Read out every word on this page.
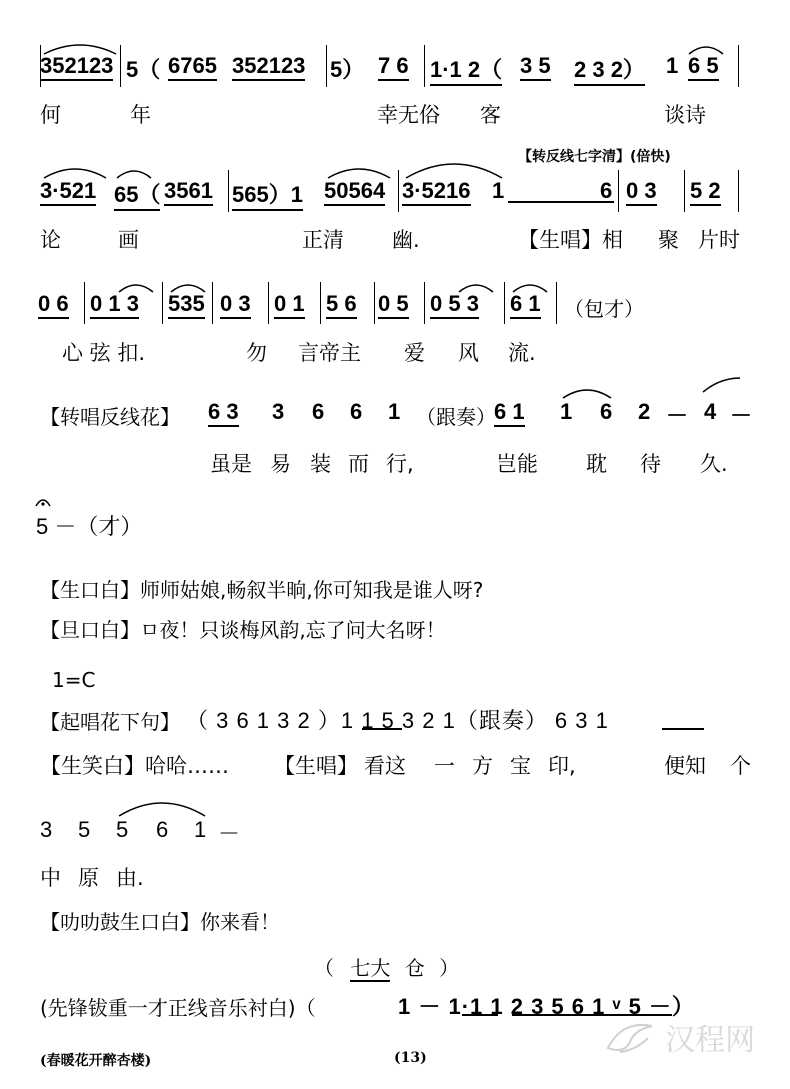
352123 5（ 6765 352123 5） 7 6 1·1 2（ 3 5 2 3 2） 1 6 5
何	年	幸无俗 客	谈诗
【转反线七字清】(倍快)
3·521 65（ 3561 565）1 50564 3·5216 1	6 0 3 5 2
论	画	正清 幽.	【生唱】相 聚 片时
0 6 0 1 3 535 0 3 0 1 5 6 0 5 0 5 3 6 1 （包才）
心 弦 扣.	勿 言帝主 爱 风 流.
【转唱反线花】 6 3 3 6 6 1 （跟奏）
6 1 1 6 2 － 4 －
虽是 易 装 而 行,	岂能 耽 待 久.
5 －（才）
【生口白】师师姑娘,畅叙半晌,你可知我是谁人呀?
【旦口白】ㅁ夜！只谈梅风韵,忘了问大名呀！
1=C
【起唱花下句】 （ 3 6 1 3 2 ）1 1 5 3 2 1（跟奏） 6 3 1
【生笑白】哈哈……	【生唱】 看这 一 方 宝 印,	便知 个
3 5 5 6 1 －
中 原 由.
【叻叻鼓生口白】你来看！
（ 七大 仓 ）
(先锋钹重一才正线音乐衬白)（	1 － 1·1 1 2 3 5 6 1 ᵛ 5 －）
(春暖花开醉杏楼)	(13)	汉程网
